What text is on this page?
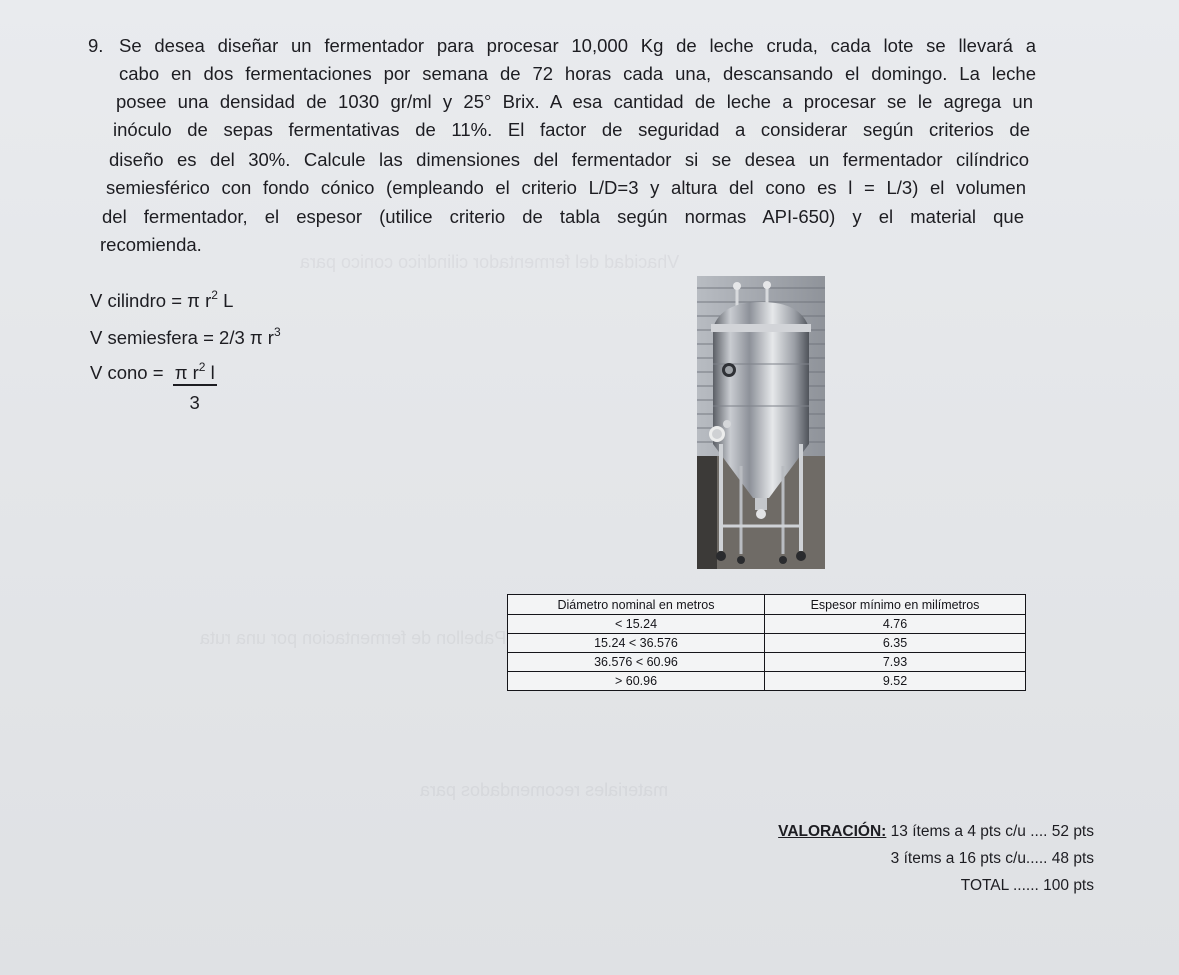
Vhacidad del fermentador cilindrico conico para
Pabellon de fermentacion por una ruta
materiales recomendados para
9. Se desea diseñar un fermentador para procesar 10,000 Kg de leche cruda, cada lote se llevará a
cabo en dos fermentaciones por semana de 72 horas cada una, descansando el domingo. La leche
posee una densidad de 1030 gr/ml y 25° Brix. A esa cantidad de leche a procesar se le agrega un
inóculo de sepas fermentativas de 11%. El factor de seguridad a considerar según criterios de
diseño es del 30%. Calcule las dimensiones del fermentador si se desea un fermentador cilíndrico
semiesférico con fondo cónico (empleando el criterio L/D=3 y altura del cono es l = L/3) el volumen
del fermentador, el espesor (utilice criterio de tabla según normas API-650) y el material que
recomienda.
V cilindro = π $r^2$ L
V semiesfera = 2/3 π $r^3$
V cono = $\frac{\pi r^2 l}{3}$
Diámetro nominal en metros	Espesor mínimo en milímetros
< 15.24	4.76
15.24 < 36.576	6.35
36.576 < 60.96	7.93
> 60.96	9.52
VALORACIÓN: 13 ítems a 4 pts c/u .... 52 pts
3 ítems a 16 pts c/u..... 48 pts
TOTAL ...... 100 pts
